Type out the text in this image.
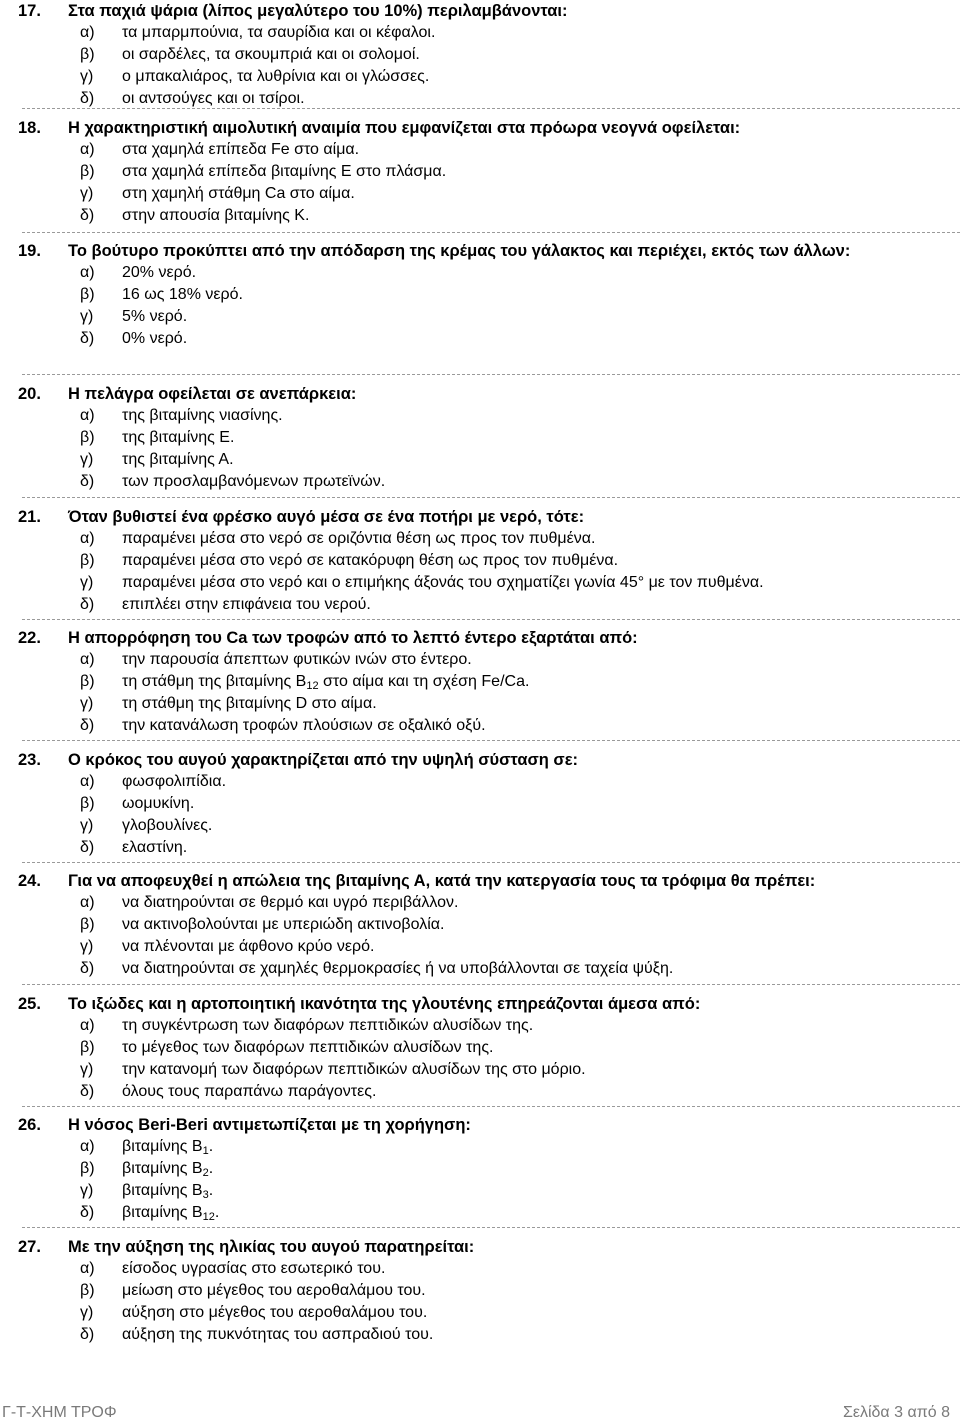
17.	Στα παχιά ψάρια (λίπος μεγαλύτερο του 10%) περιλαμβάνονται:
α)	τα μπαρμπούνια, τα σαυρίδια και οι κέφαλοι.
β)	οι σαρδέλες, τα σκουμπριά και οι σολομοί.
γ)	ο μπακαλιάρος, τα λυθρίνια και οι γλώσσες.
δ)	οι αντσούγες και οι τσίροι.
18.	Η χαρακτηριστική αιμολυτική αναιμία που εμφανίζεται στα πρόωρα νεογνά οφείλεται:
α)	στα χαμηλά επίπεδα Fe στο αίμα.
β)	στα χαμηλά επίπεδα βιταμίνης Ε στο πλάσμα.
γ)	στη χαμηλή στάθμη Ca στο αίμα.
δ)	στην απουσία βιταμίνης Κ.
19.	Το βούτυρο προκύπτει από την απόδαρση της κρέμας του γάλακτος και περιέχει, εκτός των άλλων:
α)	20% νερό.
β)	16 ως 18% νερό.
γ)	5% νερό.
δ)	0% νερό.
20.	Η πελάγρα οφείλεται σε ανεπάρκεια:
α)	της βιταμίνης νιασίνης.
β)	της βιταμίνης Ε.
γ)	της βιταμίνης Α.
δ)	των προσλαμβανόμενων πρωτεϊνών.
21.	Όταν βυθιστεί ένα φρέσκο αυγό μέσα σε ένα ποτήρι με νερό, τότε:
α)	παραμένει μέσα στο νερό σε οριζόντια θέση ως προς τον πυθμένα.
β)	παραμένει μέσα στο νερό σε κατακόρυφη θέση ως προς τον πυθμένα.
γ)	παραμένει μέσα στο νερό και ο επιμήκης άξονάς του σχηματίζει γωνία 45° με τον πυθμένα.
δ)	επιπλέει στην επιφάνεια του νερού.
22.	Η απορρόφηση του Ca των τροφών από το λεπτό έντερο εξαρτάται από:
α)	την παρουσία άπεπτων φυτικών ινών στο έντερο.
β)	τη στάθμη της βιταμίνης $B_{12}$ στο αίμα και τη σχέση Fe/Ca.
γ)	τη στάθμη της βιταμίνης D στο αίμα.
δ)	την κατανάλωση τροφών πλούσιων σε οξαλικό οξύ.
23.	Ο κρόκος του αυγού χαρακτηρίζεται από την υψηλή σύσταση σε:
α)	φωσφολιπίδια.
β)	ωομυκίνη.
γ)	γλοβουλίνες.
δ)	ελαστίνη.
24.	Για να αποφευχθεί η απώλεια της βιταμίνης Α, κατά την κατεργασία τους τα τρόφιμα θα πρέπει:
α)	να διατηρούνται σε θερμό και υγρό περιβάλλον.
β)	να ακτινοβολούνται με υπεριώδη ακτινοβολία.
γ)	να πλένονται με άφθονο κρύο νερό.
δ)	να διατηρούνται σε χαμηλές θερμοκρασίες ή να υποβάλλονται σε ταχεία ψύξη.
25.	Το ιξώδες και η αρτοποιητική ικανότητα της γλουτένης επηρεάζονται άμεσα από:
α)	τη συγκέντρωση των διαφόρων πεπτιδικών αλυσίδων της.
β)	το μέγεθος των διαφόρων πεπτιδικών αλυσίδων της.
γ)	την κατανομή των διαφόρων πεπτιδικών αλυσίδων της στο μόριο.
δ)	όλους τους παραπάνω παράγοντες.
26.	Η νόσος Beri-Beri αντιμετωπίζεται με τη χορήγηση:
α)	βιταμίνης $B_1$.
β)	βιταμίνης $B_2$.
γ)	βιταμίνης $B_3$.
δ)	βιταμίνης $B_{12}$.
27.	Με την αύξηση της ηλικίας του αυγού παρατηρείται:
α)	είσοδος υγρασίας στο εσωτερικό του.
β)	μείωση στο μέγεθος του αεροθαλάμου του.
γ)	αύξηση στο μέγεθος του αεροθαλάμου του.
δ)	αύξηση της πυκνότητας του ασπραδιού του.
Γ-Τ-ΧΗΜ ΤΡΟΦ	Σελίδα 3 από 8
